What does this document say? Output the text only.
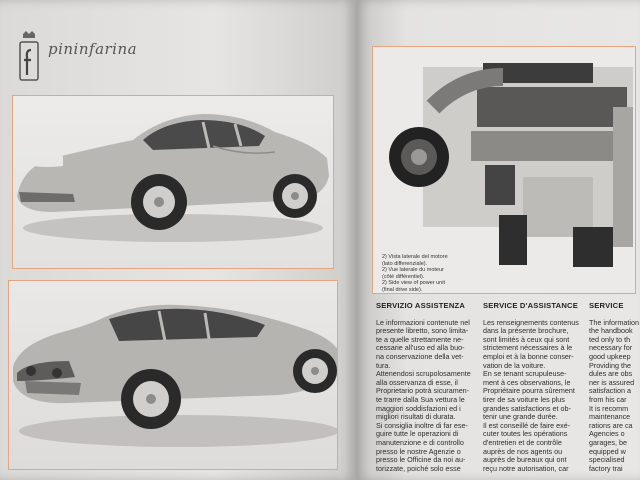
pininfarina
2) Vista laterale del motore
(lato differenziale).
2) Vue laterale du moteur
(côté différentiel).
2) Side view of power unit
(final drive side).
SERVIZIO ASSISTENZA

Le informazioni contenute nel

presente libretto, sono limita-

te a quelle strettamente ne-

cessarie all'uso ed alla buo-

na conservazione della vet-

tura.

Attenendosi scrupolosamente

alla osservanza di esse, il

Proprietario potrà sicuramen-

te trarre dalla Sua vettura le

maggiori soddisfazioni ed i

migliori risultati di durata.

Si consiglia inoltre di far ese-

guire tutte le operazioni di

manutenzione e di controllo

presso le nostre Agenzie o

presso le Officine da noi au-

torizzate, poiché solo esse

SERVICE D'ASSISTANCE

Les renseignements contenus

dans la présente brochure,

sont limités à ceux qui sont

strictement nécessaires à le

emploi et à la bonne conser-

vation de la voiture.

En se tenant scrupuleuse-

ment à ces observations, le

Propriétaire pourra sûrement

tirer de sa voiture les plus

grandes satisfactions et ob-

tenir une grande durée.

Il est conseillé de faire exé-

cuter toutes les opérations

d'entretien et de contrôle

auprès de nos agents ou

auprès de bureaux qui ont

reçu notre autorisation, car

SERVICE

The information

the handbook

ted only to th

necessary for

good upkeep

Providing the

dules are obs

ner is assured

satisfaction a

from his car

It is recomm

maintenance

rations are ca

Agencies o

garages, be

equipped w

specialised

factory trai
